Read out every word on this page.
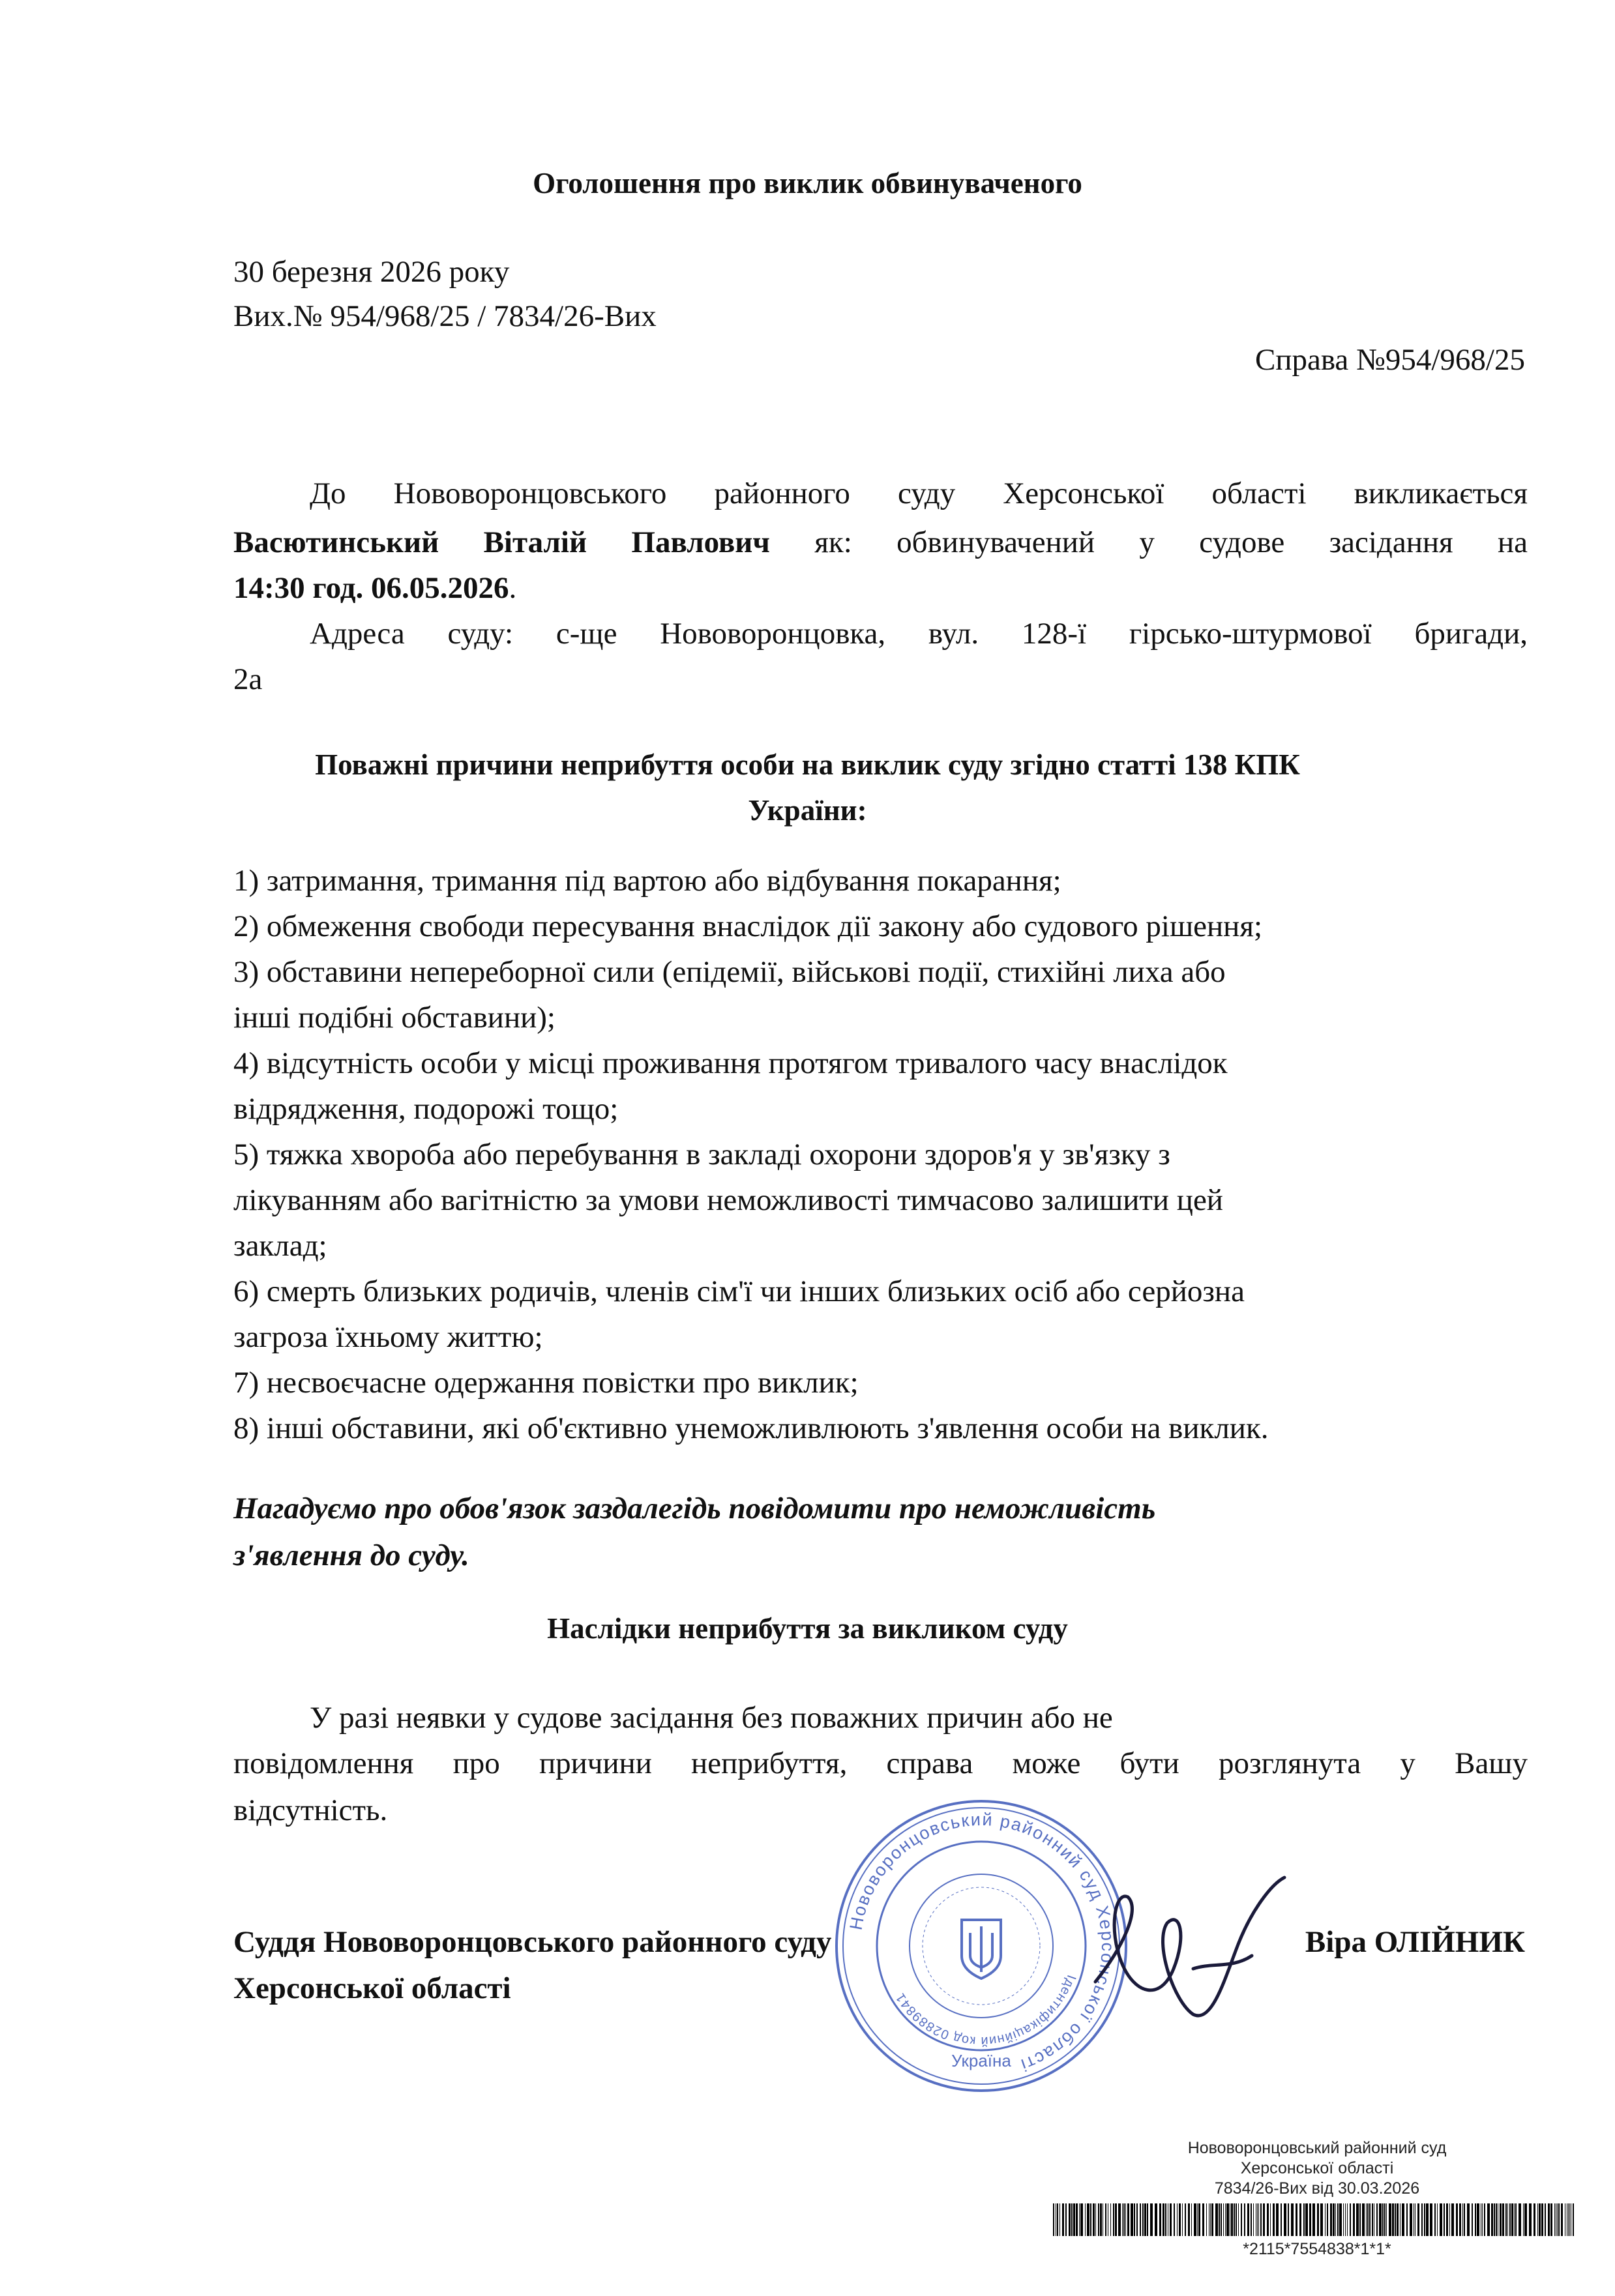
Оголошення про виклик обвинуваченого
30 березня 2026 року
Вих.№ 954/968/25 / 7834/26-Вих
Справа №954/968/25
До Нововоронцовського районного суду Херсонської області викликається
Васютинський Віталій Павлович як: обвинувачений у судове засідання на
14:30 год. 06.05.2026.
Адреса суду: с-ще Нововоронцовка, вул. 128-ї гірсько-штурмової бригади,
2а
Поважні причини неприбуття особи на виклик суду згідно статті 138 КПК
України:
1) затримання, тримання під вартою або відбування покарання;
2) обмеження свободи пересування внаслідок дії закону або судового рішення;
3) обставини непереборної сили (епідемії, військові події, стихійні лиха або
інші подібні обставини);
4) відсутність особи у місці проживання протягом тривалого часу внаслідок
відрядження, подорожі тощо;
5) тяжка хвороба або перебування в закладі охорони здоров'я у зв'язку з
лікуванням або вагітністю за умови неможливості тимчасово залишити цей
заклад;
6) смерть близьких родичів, членів сім'ї чи інших близьких осіб або серйозна
загроза їхньому життю;
7) несвоєчасне одержання повістки про виклик;
8) інші обставини, які об'єктивно унеможливлюють з'явлення особи на виклик.
Нагадуємо про обов'язок заздалегідь повідомити про неможливість
з'явлення до суду.
Наслідки неприбуття за викликом суду
У разі неявки у судове засідання без поважних причин або не
повідомлення про причини неприбуття, справа може бути розглянута у Вашу
відсутність.
Суддя Нововоронцовського районного суду
Херсонської області
Віра ОЛІЙНИК
Нововоронцовський районний суд Херсонської області
Ідентифікаційний код 02889841
Україна
Нововоронцовський районний суд
Херсонської області
7834/26-Вих від 30.03.2026
*2115*7554838*1*1*
